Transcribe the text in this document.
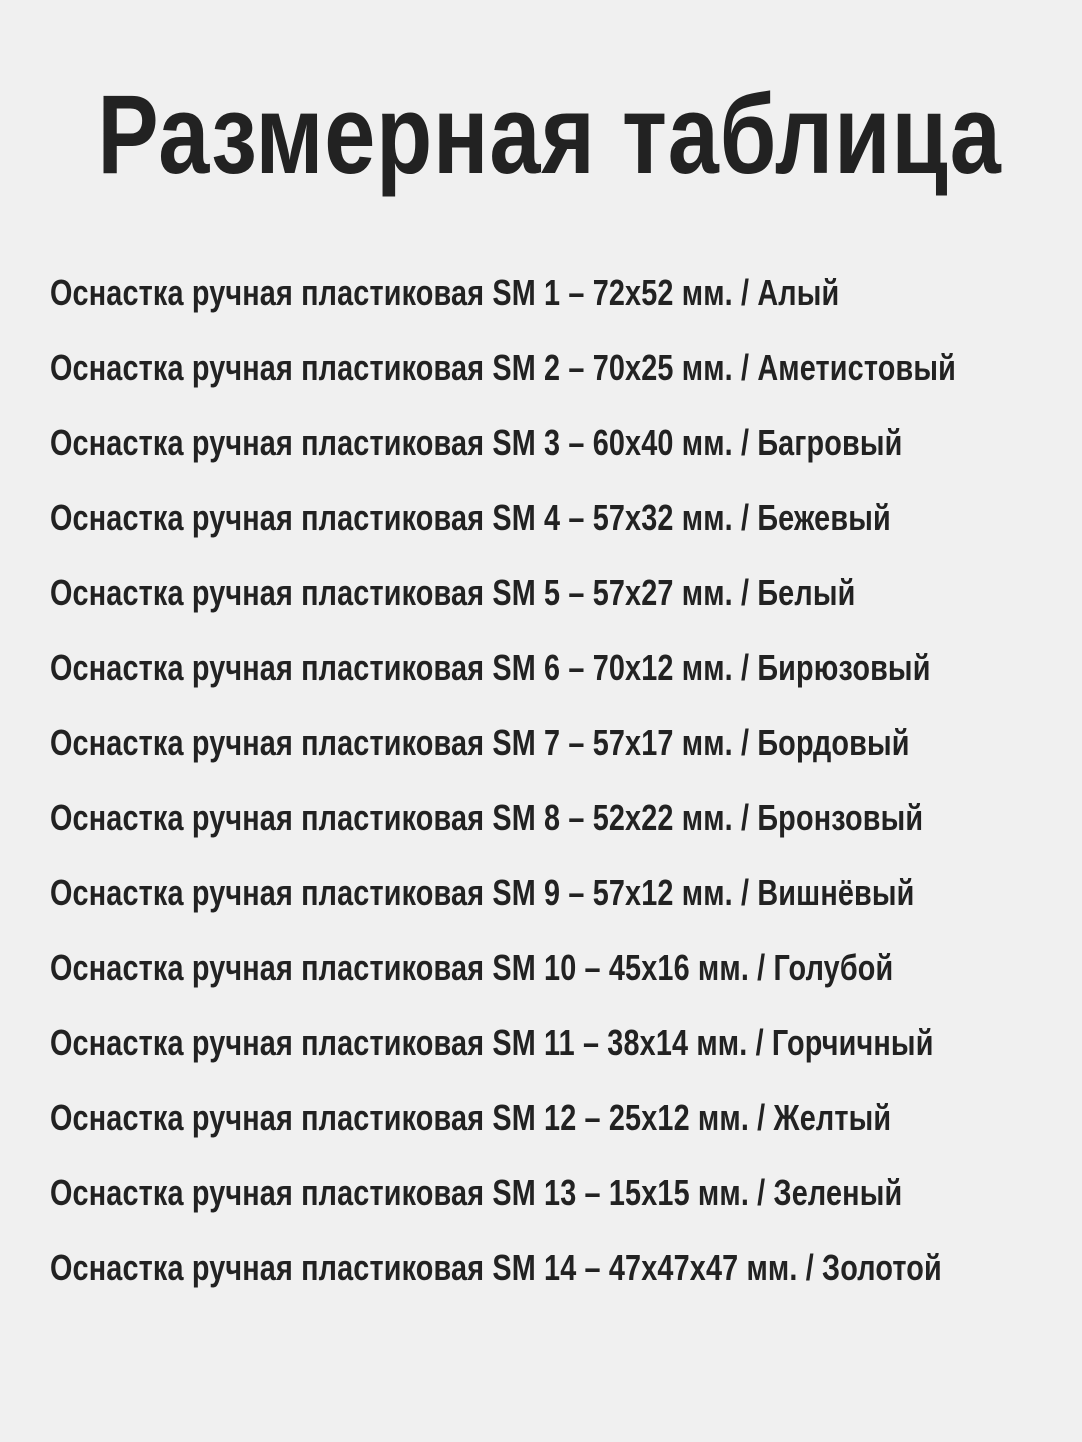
Размерная таблица
Оснастка ручная пластиковая SM 1 – 72х52 мм. / Алый
Оснастка ручная пластиковая SM 2 – 70х25 мм. / Аметистовый
Оснастка ручная пластиковая SM 3 – 60х40 мм. / Багровый
Оснастка ручная пластиковая SM 4 – 57х32 мм. / Бежевый
Оснастка ручная пластиковая SM 5 – 57х27 мм. / Белый
Оснастка ручная пластиковая SM 6 – 70х12 мм. / Бирюзовый
Оснастка ручная пластиковая SM 7 – 57х17 мм. / Бордовый
Оснастка ручная пластиковая SM 8 – 52х22 мм. / Бронзовый
Оснастка ручная пластиковая SM 9 – 57х12 мм. / Вишнёвый
Оснастка ручная пластиковая SM 10 – 45х16 мм. / Голубой
Оснастка ручная пластиковая SM 11 – 38х14 мм. / Горчичный
Оснастка ручная пластиковая SM 12 – 25х12 мм. / Желтый
Оснастка ручная пластиковая SM 13 – 15х15 мм. / Зеленый
Оснастка ручная пластиковая SM 14 – 47х47х47 мм. / Золотой
